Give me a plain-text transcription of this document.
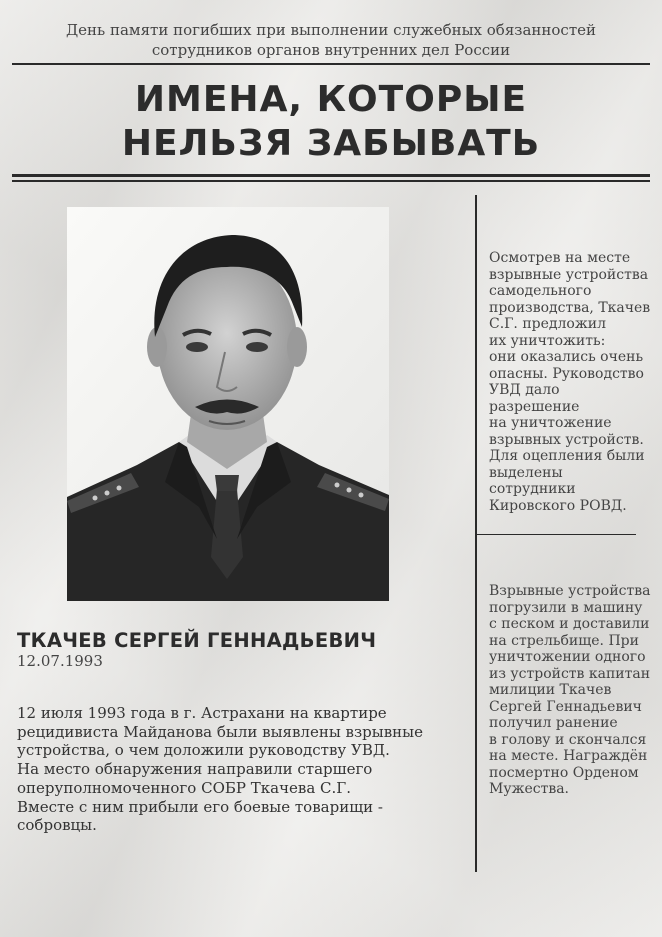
День памяти погибших при выполнении служебных обязанностей
сотрудников органов внутренних дел России
ИМЕНА, КОТОРЫЕ
НЕЛЬЗЯ ЗАБЫВАТЬ
ТКАЧЕВ СЕРГЕЙ ГЕННАДЬЕВИЧ
12.07.1993
12 июля 1993 года в г. Астрахани на квартире
рецидивиста Майданова были выявлены взрывные
устройства, о чем доложили руководству УВД.
На место обнаружения направили старшего
оперуполномоченного СОБР Ткачева С.Г.
Вместе с ним прибыли его боевые товарищи -
собровцы.
Осмотрев на месте
взрывные устройства
самодельного
производства, Ткачев
С.Г. предложил
их уничтожить:
они оказались очень
опасны. Руководство
УВД дало разрешение
на уничтожение
взрывных устройств.
Для оцепления были
выделены
сотрудники
Кировского РОВД.
Взрывные устройства
погрузили в машину
с песком и доставили
на стрельбище. При
уничтожении одного
из устройств капитан
милиции Ткачев
Сергей Геннадьевич
получил ранение
в голову и скончался
на месте. Награждён
посмертно Орденом
Мужества.
